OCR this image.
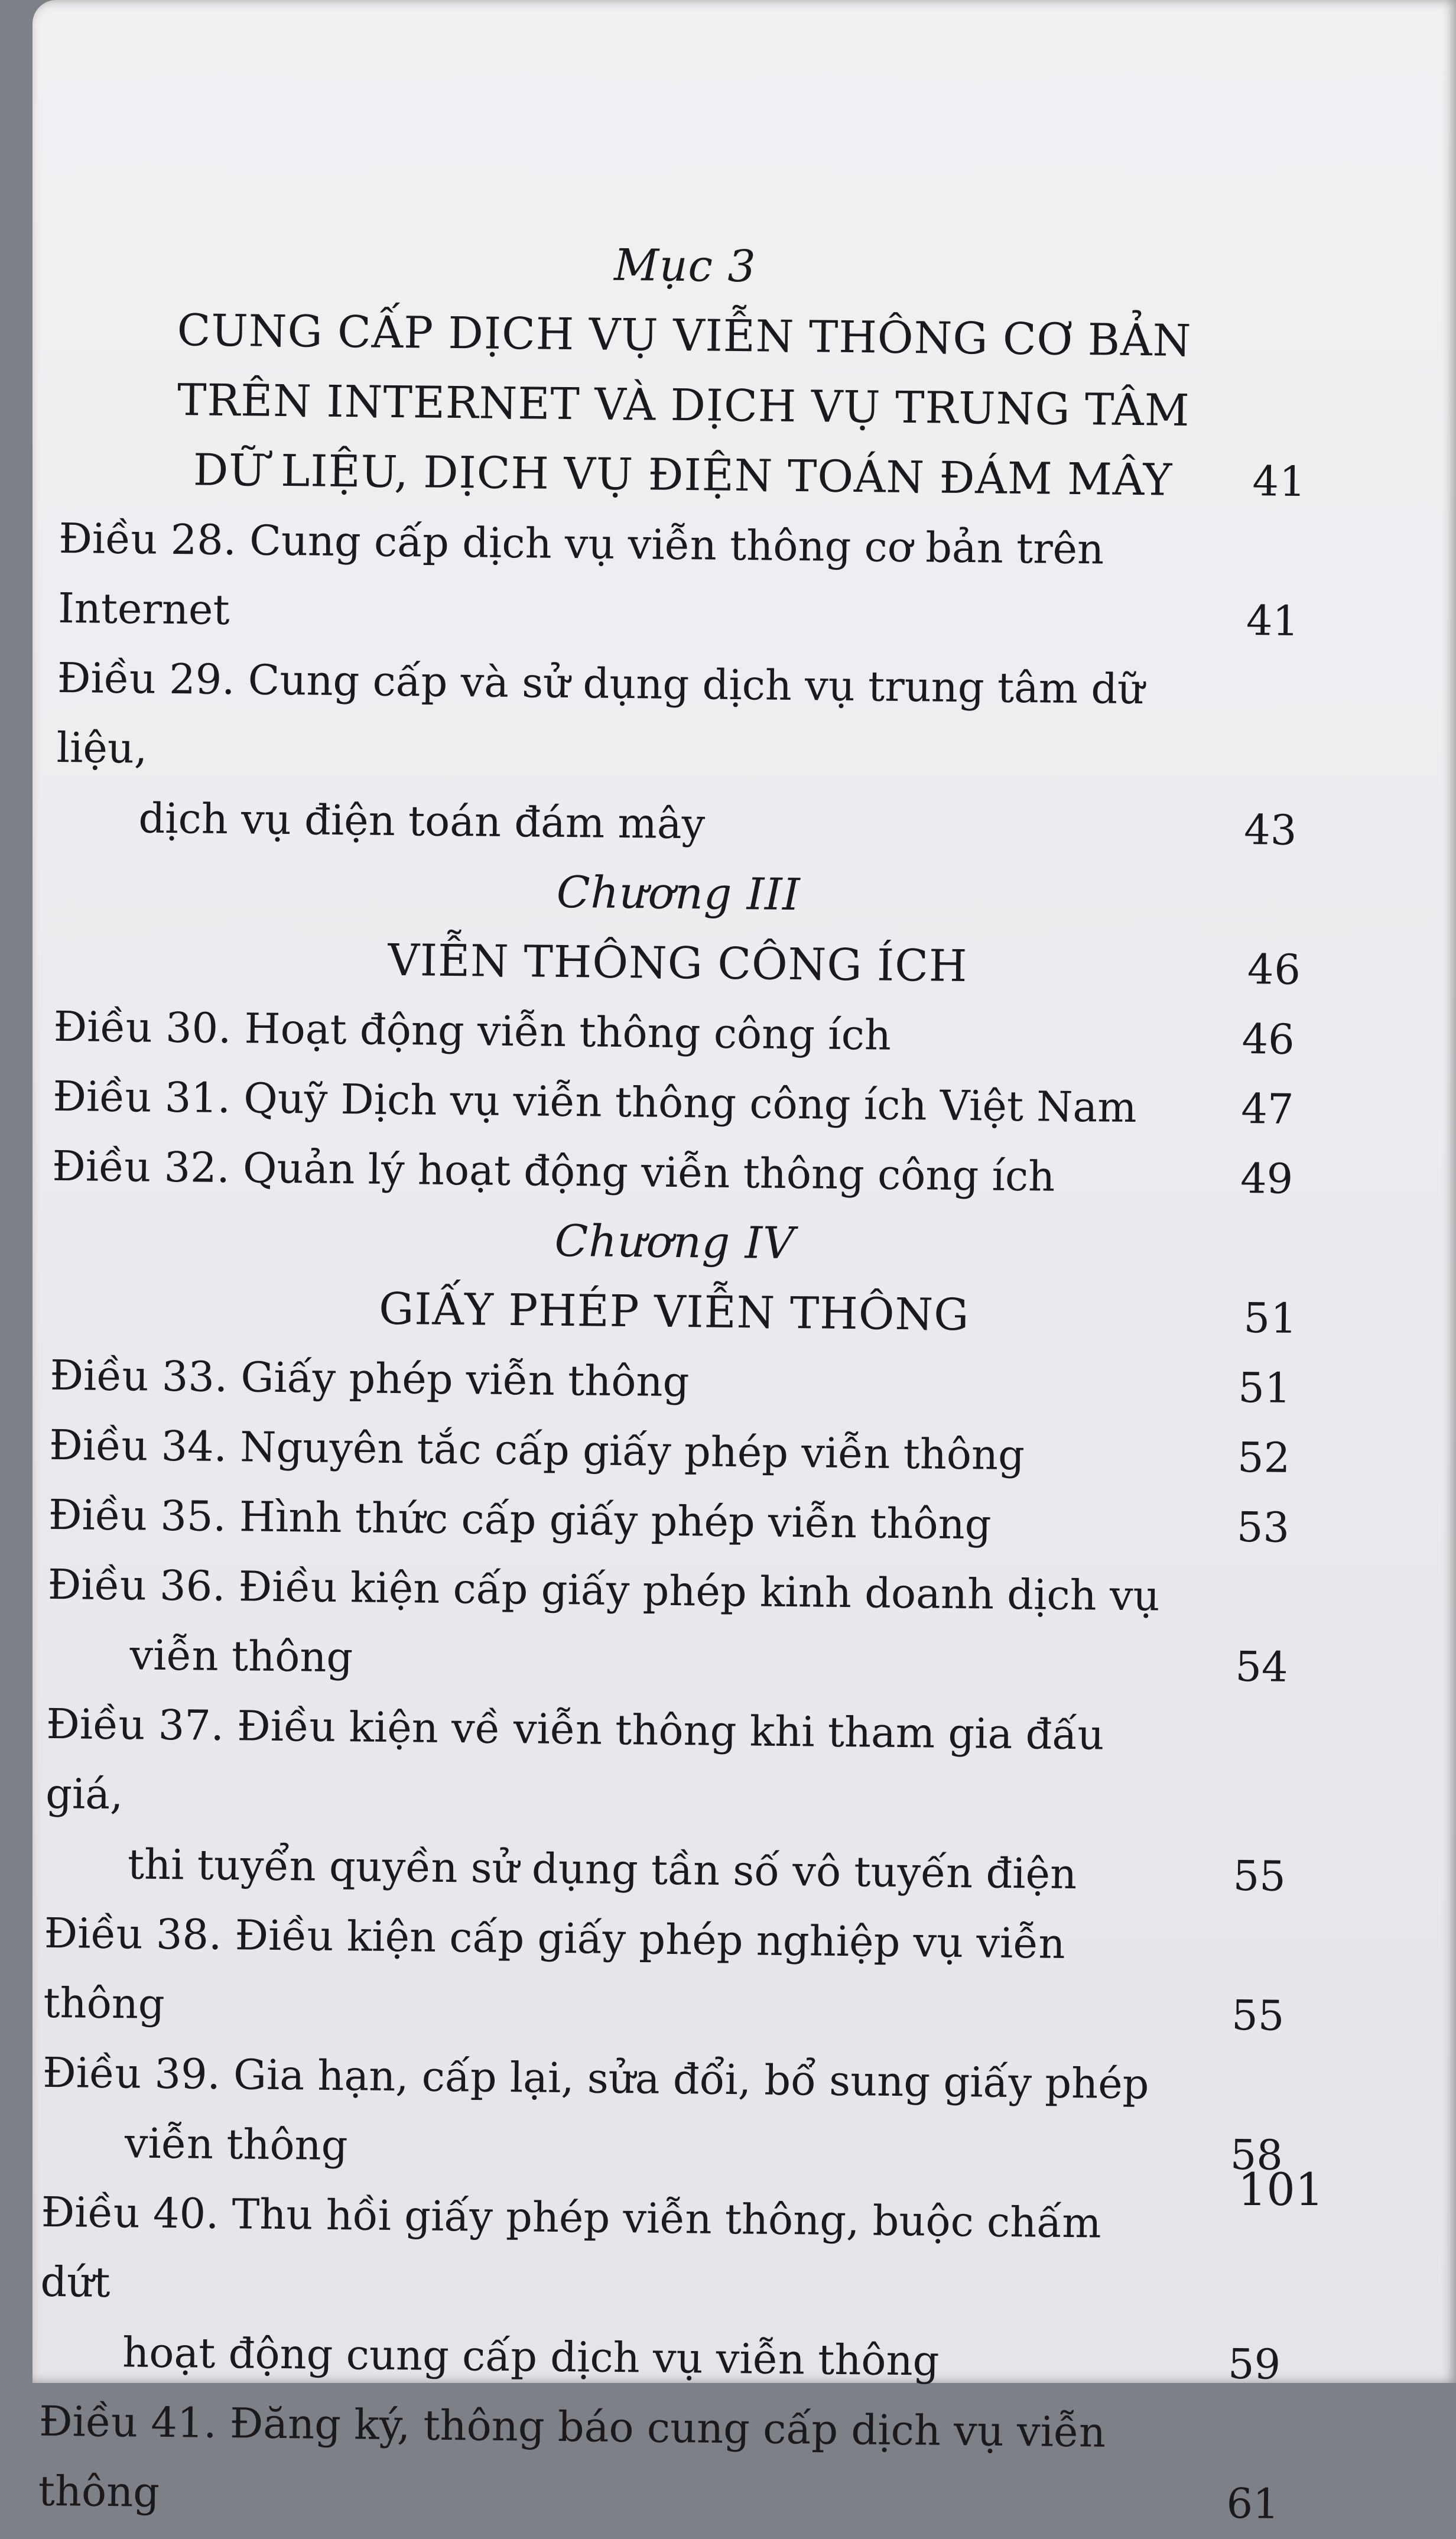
Mục 3
CUNG CẤP DỊCH VỤ VIỄN THÔNG CƠ BẢN
TRÊN INTERNET VÀ DỊCH VỤ TRUNG TÂM
DỮ LIỆU, DỊCH VỤ ĐIỆN TOÁN ĐÁM MÂY 41
Điều 28. Cung cấp dịch vụ viễn thông cơ bản trên Internet	41
Điều 29. Cung cấp và sử dụng dịch vụ trung tâm dữ liệu,
dịch vụ điện toán đám mây	43
Chương III
VIỄN THÔNG CÔNG ÍCH	46
Điều 30. Hoạt động viễn thông công ích	46
Điều 31. Quỹ Dịch vụ viễn thông công ích Việt Nam	47
Điều 32. Quản lý hoạt động viễn thông công ích	49
Chương IV
GIẤY PHÉP VIỄN THÔNG	51
Điều 33. Giấy phép viễn thông	51
Điều 34. Nguyên tắc cấp giấy phép viễn thông	52
Điều 35. Hình thức cấp giấy phép viễn thông	53
Điều 36. Điều kiện cấp giấy phép kinh doanh dịch vụ
viễn thông	54
Điều 37. Điều kiện về viễn thông khi tham gia đấu giá,
thi tuyển quyền sử dụng tần số vô tuyến điện	55
Điều 38. Điều kiện cấp giấy phép nghiệp vụ viễn thông	55
Điều 39. Gia hạn, cấp lại, sửa đổi, bổ sung giấy phép
viễn thông	58
Điều 40. Thu hồi giấy phép viễn thông, buộc chấm dứt
hoạt động cung cấp dịch vụ viễn thông	59
Điều 41. Đăng ký, thông báo cung cấp dịch vụ viễn thông	61
101
